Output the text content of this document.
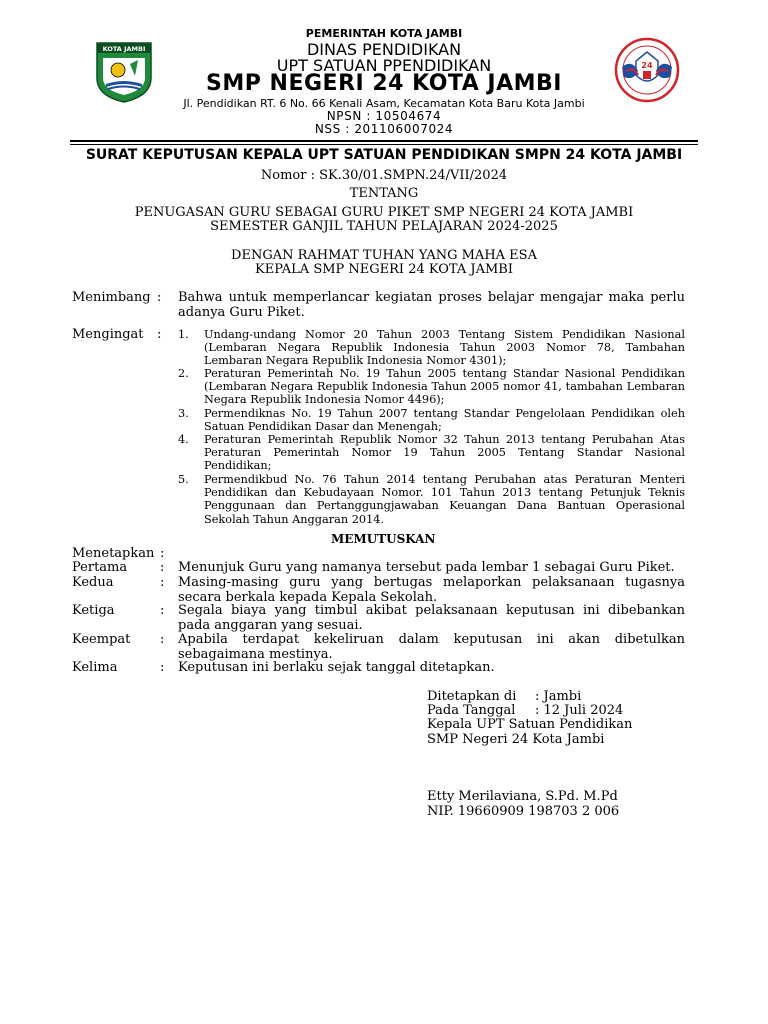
KOTA JAMBI
PEMERINTAH KOTA JAMBI
DINAS PENDIDIKAN
UPT SATUAN PPENDIDIKAN
SMP NEGERI 24 KOTA JAMBI
Jl. Pendidikan RT. 6 No. 66 Kenali Asam, Kecamatan Kota Baru Kota Jambi
NPSN : 10504674
NSS : 201106007024
24
SURAT KEPUTUSAN KEPALA UPT SATUAN PENDIDIKAN SMPN 24 KOTA JAMBI
Nomor : SK.30/01.SMPN.24/VII/2024
TENTANG
PENUGASAN GURU SEBAGAI GURU PIKET SMP NEGERI 24 KOTA JAMBI
SEMESTER GANJIL TAHUN PELAJARAN 2024-2025
DENGAN RAHMAT TUHAN YANG MAHA ESA
KEPALA SMP NEGERI 24 KOTA JAMBI
Menimbang : Bahwa untuk memperlancar kegiatan proses belajar mengajar maka perlu adanya Guru Piket.
Mengingat : 1. Undang-undang Nomor 20 Tahun 2003 Tentang Sistem Pendidikan Nasional (Lembaran Negara Republik Indonesia Tahun 2003 Nomor 78, Tambahan Lembaran Negara Republik Indonesia Nomor 4301);
2. Peraturan Pemerintah No. 19 Tahun 2005 tentang Standar Nasional Pendidikan (Lembaran Negara Republik Indonesia Tahun 2005 nomor 41, tambahan Lembaran Negara Republik Indonesia Nomor 4496);
3. Permendiknas No. 19 Tahun 2007 tentang Standar Pengelolaan Pendidikan oleh Satuan Pendidikan Dasar dan Menengah;
4. Peraturan Pemerintah Republik Nomor 32 Tahun 2013 tentang Perubahan Atas Peraturan Pemerintah Nomor 19 Tahun 2005 Tentang Standar Nasional Pendidikan;
5. Permendikbud No. 76 Tahun 2014 tentang Perubahan atas Peraturan Menteri Pendidikan dan Kebudayaan Nomor. 101 Tahun 2013 tentang Petunjuk Teknis Penggunaan dan Pertanggungjawaban Keuangan Dana Bantuan Operasional Sekolah Tahun Anggaran 2014.
MEMUTUSKAN
Menetapkan :
Pertama	: Menunjuk Guru yang namanya tersebut pada lembar 1 sebagai Guru Piket.
Kedua	: Masing-masing guru yang bertugas melaporkan pelaksanaan tugasnya secara berkala kepada Kepala Sekolah.
Ketiga	: Segala biaya yang timbul akibat pelaksanaan keputusan ini dibebankan pada anggaran yang sesuai.
Keempat : Apabila terdapat kekeliruan dalam keputusan ini akan dibetulkan sebagaimana mestinya.
Kelima	: Keputusan ini berlaku sejak tanggal ditetapkan.
Ditetapkan di : Jambi
Pada Tanggal : 12 Juli 2024
Kepala UPT Satuan Pendidikan
SMP Negeri 24 Kota Jambi
Etty Merilaviana, S.Pd. M.Pd
NIP. 19660909 198703 2 006
